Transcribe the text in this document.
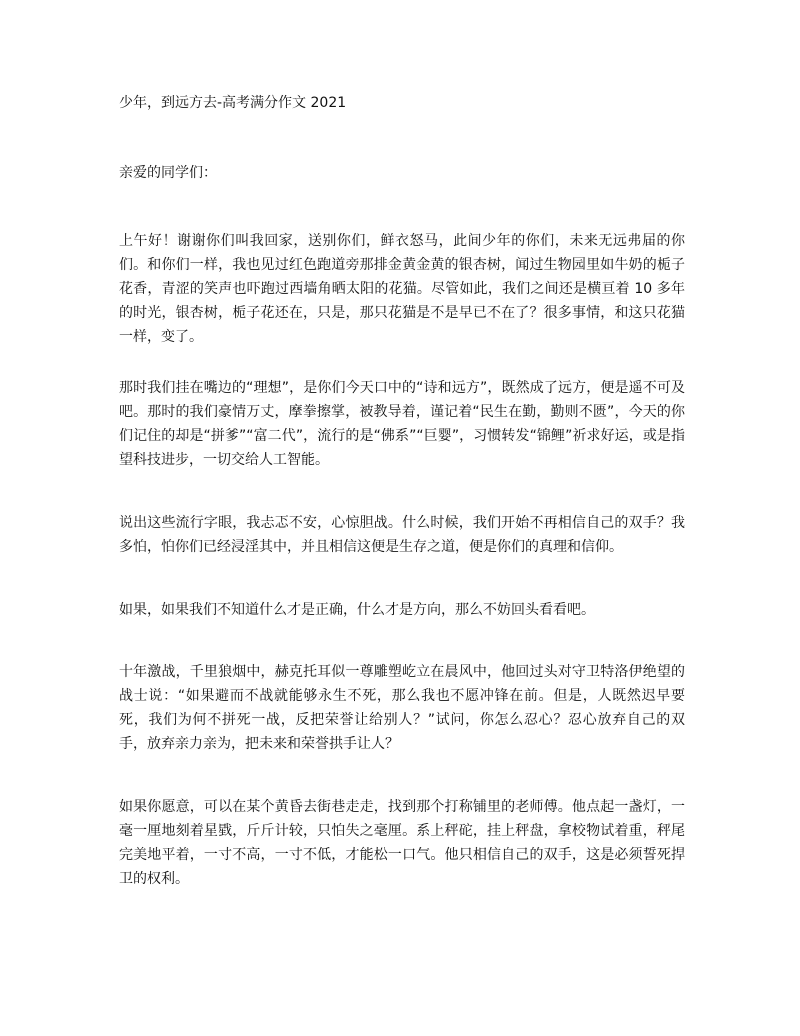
少年，到远方去-高考满分作文 2021

亲爱的同学们：

上午好！谢谢你们叫我回家，送别你们，鲜衣怒马，此间少年的你们，未来无远弗届的你们。和你们一样，我也见过红色跑道旁那排金黄金黄的银杏树，闻过生物园里如牛奶的栀子花香，青涩的笑声也吓跑过西墙角晒太阳的花猫。尽管如此，我们之间还是横亘着 10 多年的时光，银杏树，栀子花还在，只是，那只花猫是不是早已不在了？很多事情，和这只花猫一样，变了。

那时我们挂在嘴边的“理想”，是你们今天口中的“诗和远方”，既然成了远方，便是遥不可及吧。那时的我们豪情万丈，摩拳擦掌，被教导着，谨记着“民生在勤，勤则不匮”，今天的你们记住的却是“拼爹”“富二代”，流行的是“佛系”“巨婴”，习惯转发“锦鲤”祈求好运，或是指望科技进步，一切交给人工智能。

说出这些流行字眼，我忐忑不安，心惊胆战。什么时候，我们开始不再相信自己的双手？我多怕，怕你们已经浸淫其中，并且相信这便是生存之道，便是你们的真理和信仰。

如果，如果我们不知道什么才是正确，什么才是方向，那么不妨回头看看吧。

十年激战，千里狼烟中，赫克托耳似一尊雕塑屹立在晨风中，他回过头对守卫特洛伊绝望的战士说：“如果避而不战就能够永生不死，那么我也不愿冲锋在前。但是，人既然迟早要死，我们为何不拼死一战，反把荣誉让给别人？”试问，你怎么忍心？忍心放弃自己的双手，放弃亲力亲为，把未来和荣誉拱手让人？

如果你愿意，可以在某个黄昏去街巷走走，找到那个打称铺里的老师傅。他点起一盏灯，一毫一厘地刻着星戥，斤斤计较，只怕失之毫厘。系上秤砣，挂上秤盘，拿校物试着重，秤尾完美地平着，一寸不高，一寸不低，才能松一口气。他只相信自己的双手，这是必须誓死捍卫的权利。
